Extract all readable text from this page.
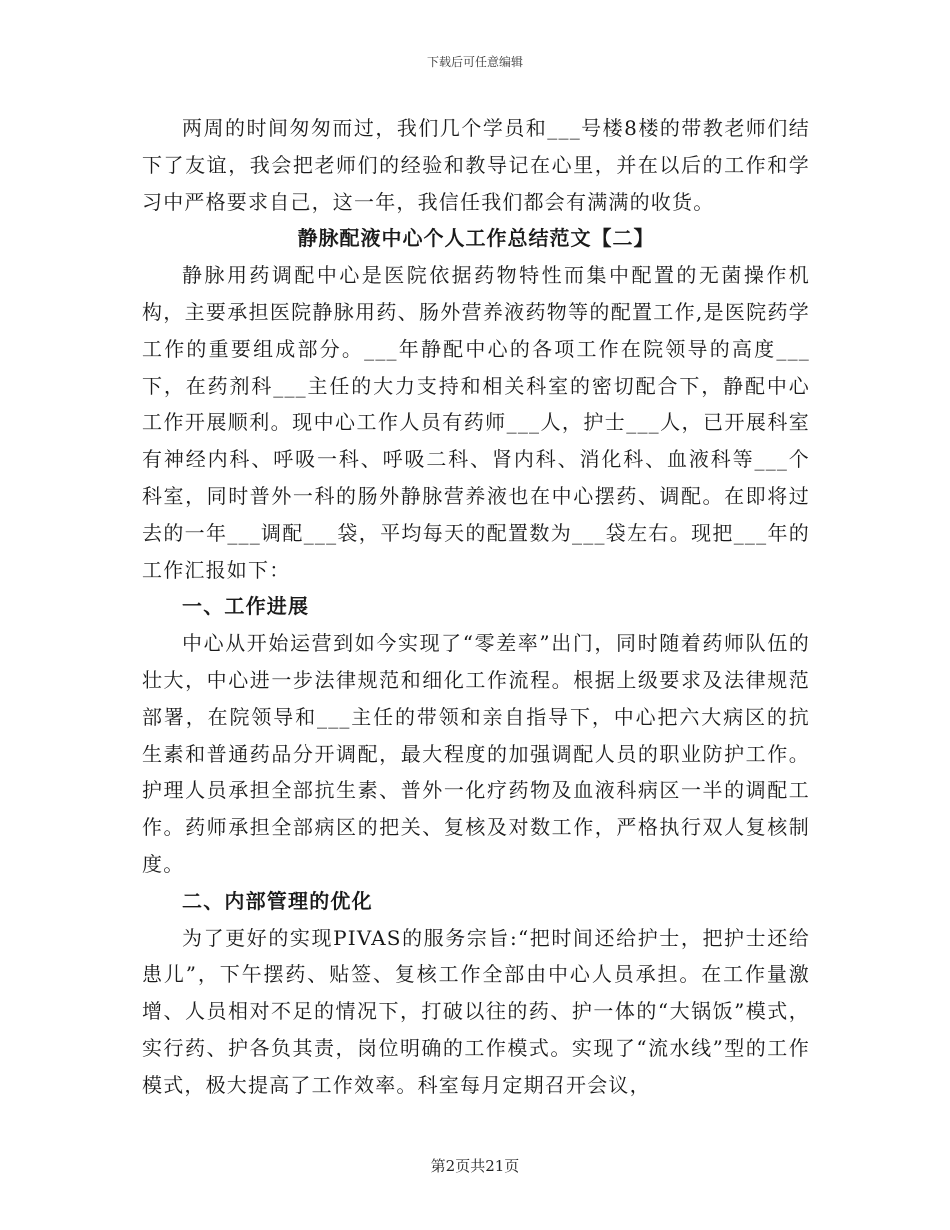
下载后可任意编辑

两周的时间匆匆而过，我们几个学员和___号楼8楼的带教老师们结下了友谊，我会把老师们的经验和教导记在心里，并在以后的工作和学习中严格要求自己，这一年，我信任我们都会有满满的收货。

静脉配液中心个人工作总结范文【二】

静脉用药调配中心是医院依据药物特性而集中配置的无菌操作机构，主要承担医院静脉用药、肠外营养液药物等的配置工作,是医院药学工作的重要组成部分。___年静配中心的各项工作在院领导的高度___下，在药剂科___主任的大力支持和相关科室的密切配合下，静配中心工作开展顺利。现中心工作人员有药师___人，护士___人，已开展科室有神经内科、呼吸一科、呼吸二科、肾内科、消化科、血液科等___个科室，同时普外一科的肠外静脉营养液也在中心摆药、调配。在即将过去的一年___调配___袋，平均每天的配置数为___袋左右。现把___年的工作汇报如下：

一、工作进展

中心从开始运营到如今实现了“零差率”出门，同时随着药师队伍的壮大，中心进一步法律规范和细化工作流程。根据上级要求及法律规范部署，在院领导和___主任的带领和亲自指导下，中心把六大病区的抗生素和普通药品分开调配，最大程度的加强调配人员的职业防护工作。护理人员承担全部抗生素、普外一化疗药物及血液科病区一半的调配工作。药师承担全部病区的把关、复核及对数工作，严格执行双人复核制度。

二、内部管理的优化

为了更好的实现PIVAS的服务宗旨:“把时间还给护士，把护士还给患儿”，下午摆药、贴签、复核工作全部由中心人员承担。在工作量激增、人员相对不足的情况下，打破以往的药、护一体的“大锅饭”模式，实行药、护各负其责，岗位明确的工作模式。实现了“流水线”型的工作模式，极大提高了工作效率。科室每月定期召开会议，

第2页共21页
